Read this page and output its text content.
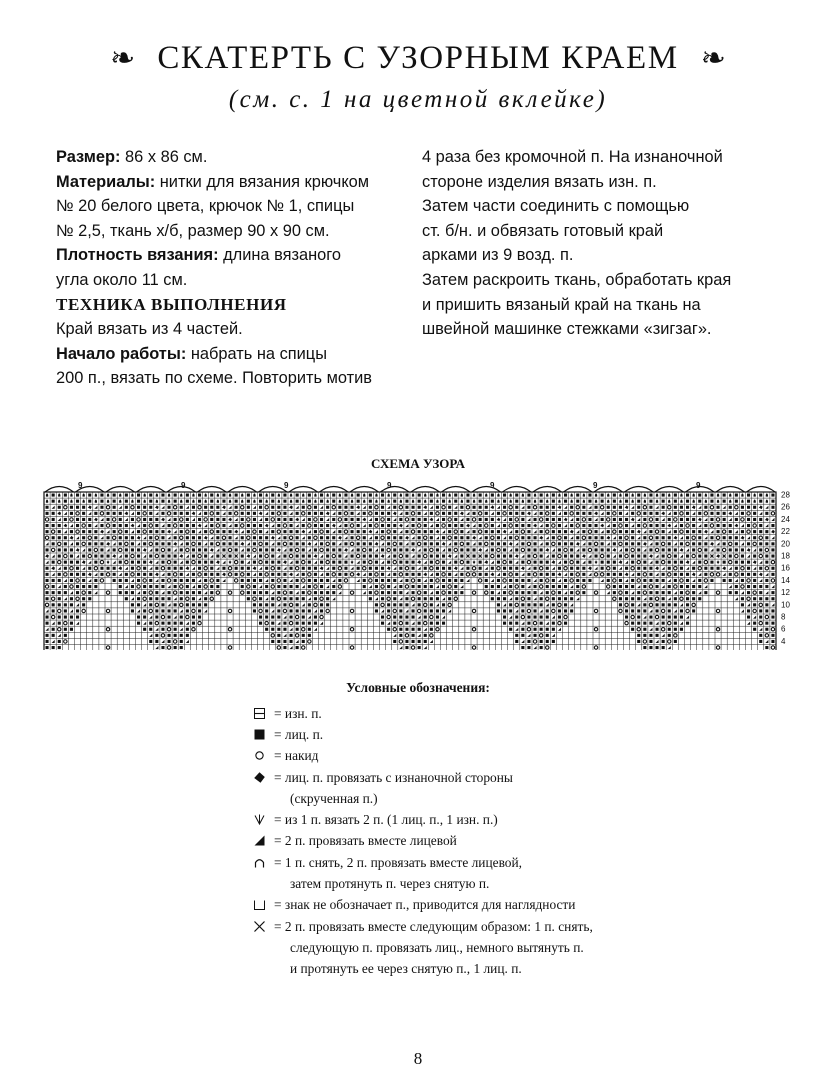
❧ СКАТЕРТЬ С УЗОРНЫМ КРАЕМ ❧
(см. с. 1 на цветной вклейке)

Размер: 86 х 86 см.

Материалы: нитки для вязания крючком

№ 20 белого цвета, крючок № 1, спицы

№ 2,5, ткань х/б, размер 90 х 90 см.

Плотность вязания: длина вязаного

угла около 11 см.

ТЕХНИКА ВЫПОЛНЕНИЯ

Край вязать из 4 частей.

Начало работы: набрать на спицы

200 п., вязать по схеме. Повторить мотив

4 раза без кромочной п. На изнаночной

стороне изделия вязать изн. п.

Затем части соединить с помощью

ст. б/н. и обвязать готовый край

арками из 9 возд. п.

Затем раскроить ткань, обработать края

и пришить вязаный край на ткань на

швейной машинке стежками «зигзаг».

СХЕМА УЗОРА
9	9	9	9	9	9	9
28
26
24
22
20
18
16
14
12
10
8
6
4
Условные обозначения:
= изн. п.
= лиц. п.
= накид
= лиц. п. провязать с изнаночной стороны
(скрученная п.)
= из 1 п. вязать 2 п. (1 лиц. п., 1 изн. п.)
= 2 п. провязать вместе лицевой
= 1 п. снять, 2 п. провязать вместе лицевой,
затем протянуть п. через снятую п.
= знак не обозначает п., приводится для наглядности
= 2 п. провязать вместе следующим образом: 1 п. снять,
следующую п. провязать лиц., немного вытянуть п.
и протянуть ее через снятую п., 1 лиц. п.
8
